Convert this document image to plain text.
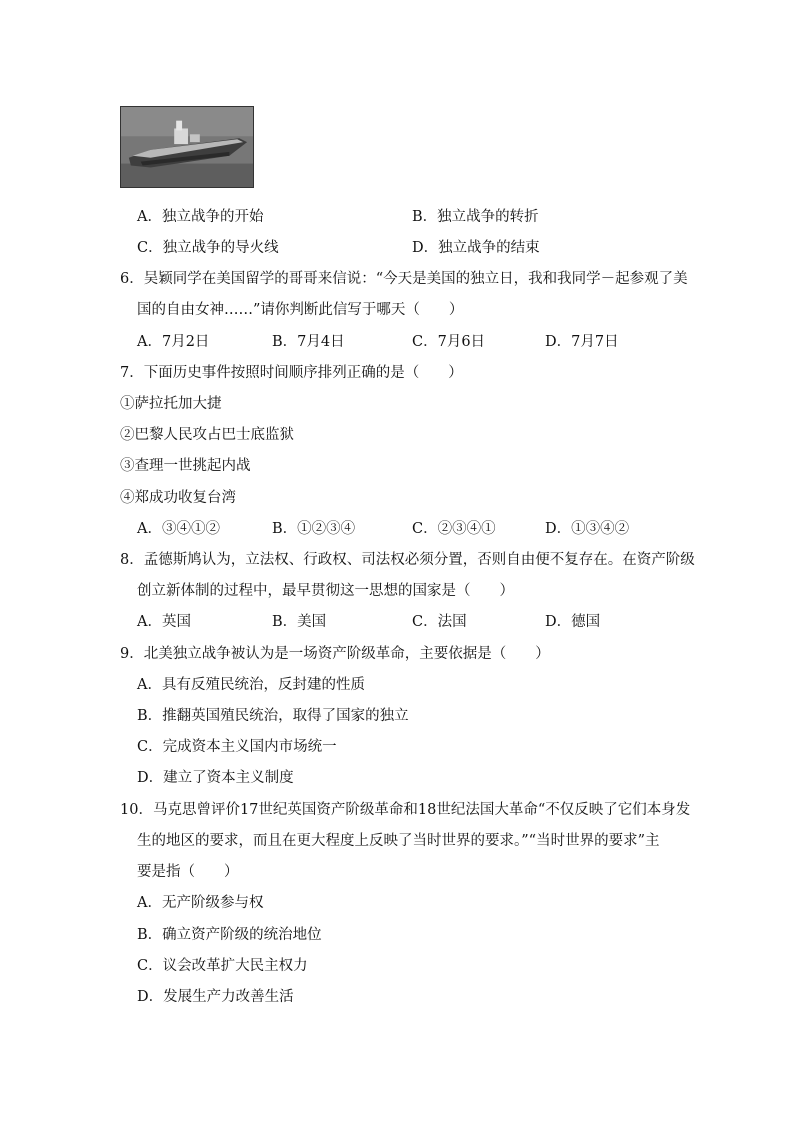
A．独立战争的开始	B．独立战争的转折
C．独立战争的导火线	D．独立战争的结束
6．吴颖同学在美国留学的哥哥来信说：“今天是美国的独立日，我和我同学－起参观了美
国的自由女神……”请你判断此信写于哪天（　　）
A．7月2日	B．7月4日	C．7月6日	D．7月7日
7．下面历史事件按照时间顺序排列正确的是（　　）
①萨拉托加大捷
②巴黎人民攻占巴士底监狱
③查理一世挑起内战
④郑成功收复台湾
A．③④①②	B．①②③④	C．②③④①	D．①③④②
8．孟德斯鸠认为，立法权、行政权、司法权必须分置，否则自由便不复存在。在资产阶级
创立新体制的过程中，最早贯彻这一思想的国家是（　　）
A．英国	B．美国	C．法国	D．德国
9．北美独立战争被认为是一场资产阶级革命，主要依据是（　　）
A．具有反殖民统治，反封建的性质
B．推翻英国殖民统治，取得了国家的独立
C．完成资本主义国内市场统一
D．建立了资本主义制度
10．马克思曾评价17世纪英国资产阶级革命和18世纪法国大革命“不仅反映了它们本身发
生的地区的要求，而且在更大程度上反映了当时世界的要求。”“当时世界的要求”主
要是指（　　）
A．无产阶级参与权
B．确立资产阶级的统治地位
C．议会改革扩大民主权力
D．发展生产力改善生活
